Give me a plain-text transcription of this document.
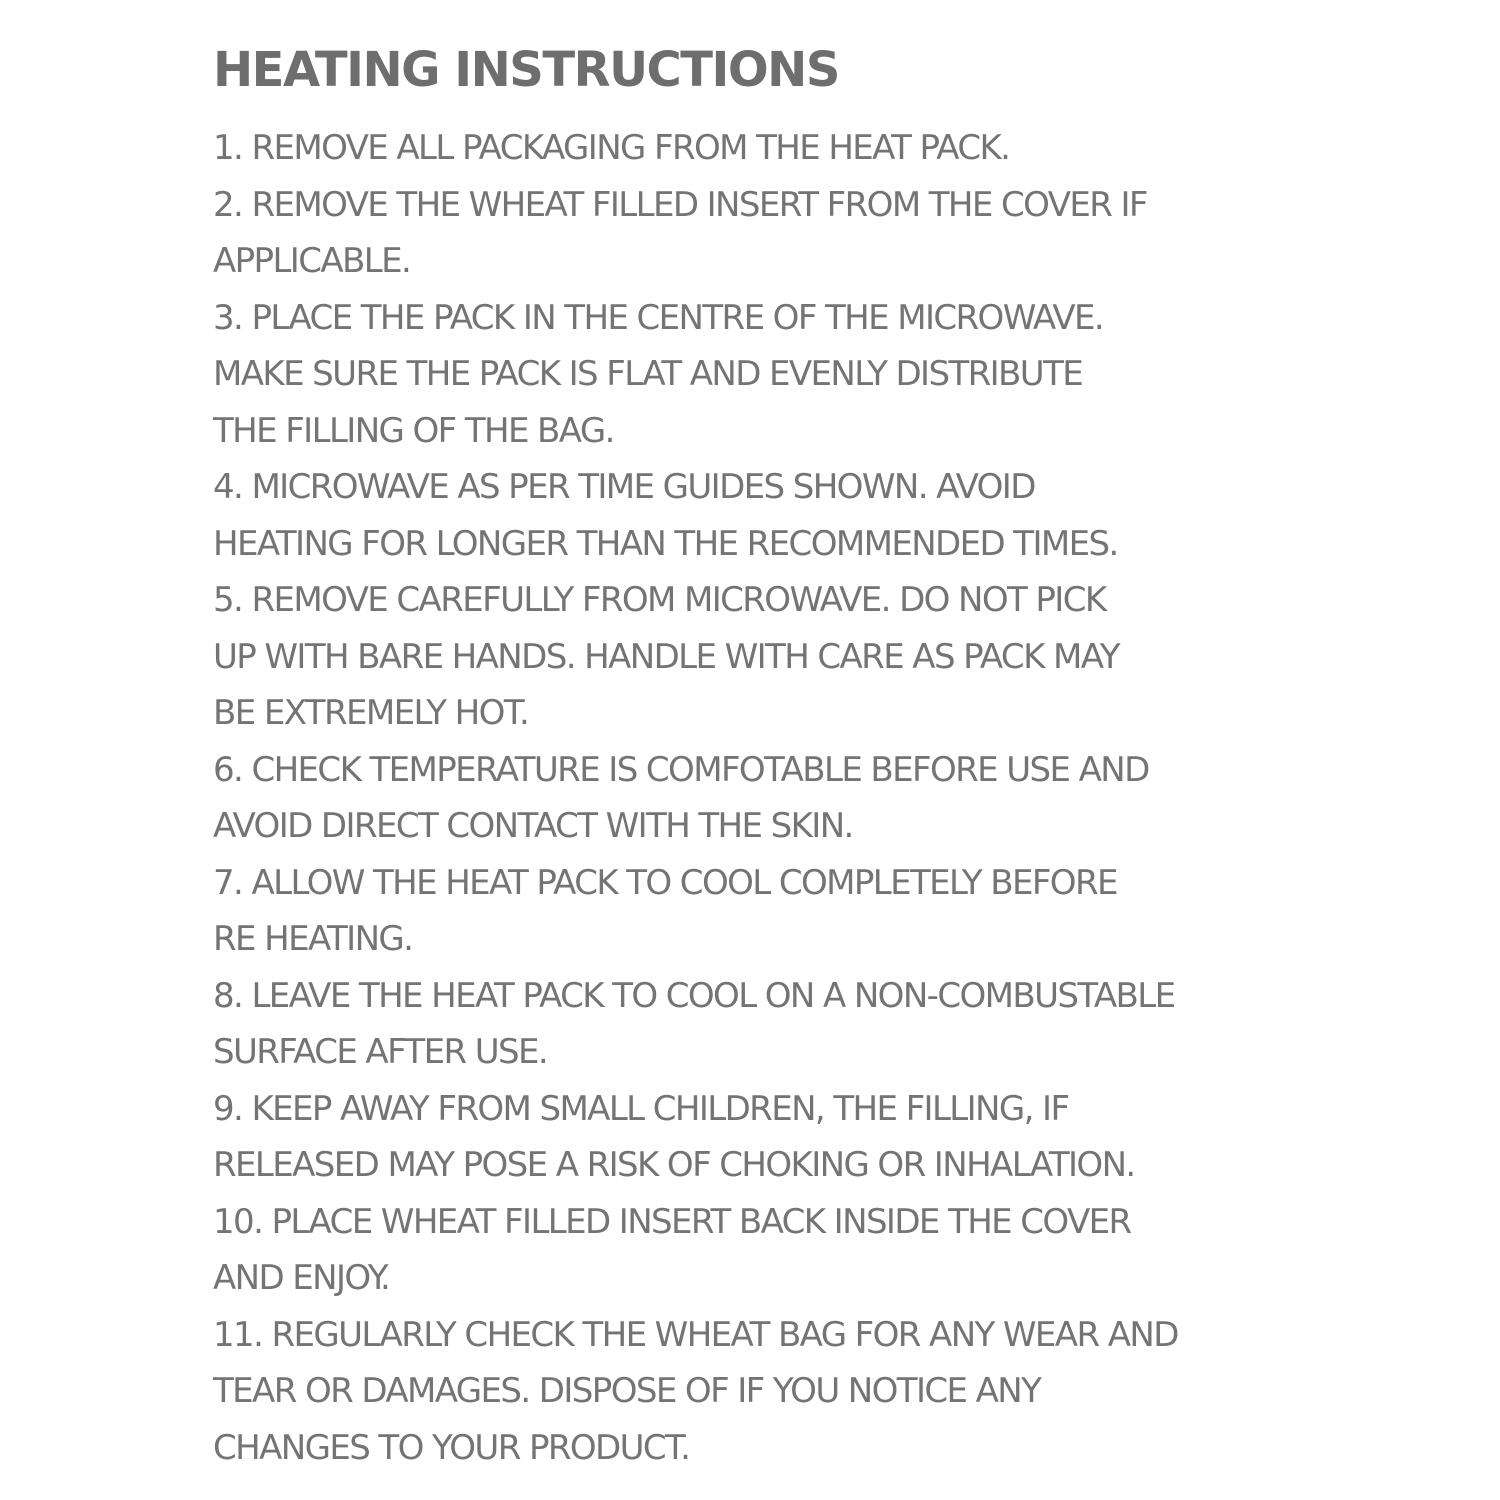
HEATING INSTRUCTIONS
1. REMOVE ALL PACKAGING FROM THE HEAT PACK.
2. REMOVE THE WHEAT FILLED INSERT FROM THE COVER IF
APPLICABLE.
3. PLACE THE PACK IN THE CENTRE OF THE MICROWAVE.
MAKE SURE THE PACK IS FLAT AND EVENLY DISTRIBUTE
THE FILLING OF THE BAG.
4. MICROWAVE AS PER TIME GUIDES SHOWN. AVOID
HEATING FOR LONGER THAN THE RECOMMENDED TIMES.
5. REMOVE CAREFULLY FROM MICROWAVE. DO NOT PICK
UP WITH BARE HANDS. HANDLE WITH CARE AS PACK MAY
BE EXTREMELY HOT.
6. CHECK TEMPERATURE IS COMFOTABLE BEFORE USE AND
AVOID DIRECT CONTACT WITH THE SKIN.
7. ALLOW THE HEAT PACK TO COOL COMPLETELY BEFORE
RE HEATING.
8. LEAVE THE HEAT PACK TO COOL ON A NON-COMBUSTABLE
SURFACE AFTER USE.
9. KEEP AWAY FROM SMALL CHILDREN, THE FILLING, IF
RELEASED MAY POSE A RISK OF CHOKING OR INHALATION.
10. PLACE WHEAT FILLED INSERT BACK INSIDE THE COVER
AND ENJOY.
11. REGULARLY CHECK THE WHEAT BAG FOR ANY WEAR AND
TEAR OR DAMAGES. DISPOSE OF IF YOU NOTICE ANY
CHANGES TO YOUR PRODUCT.
